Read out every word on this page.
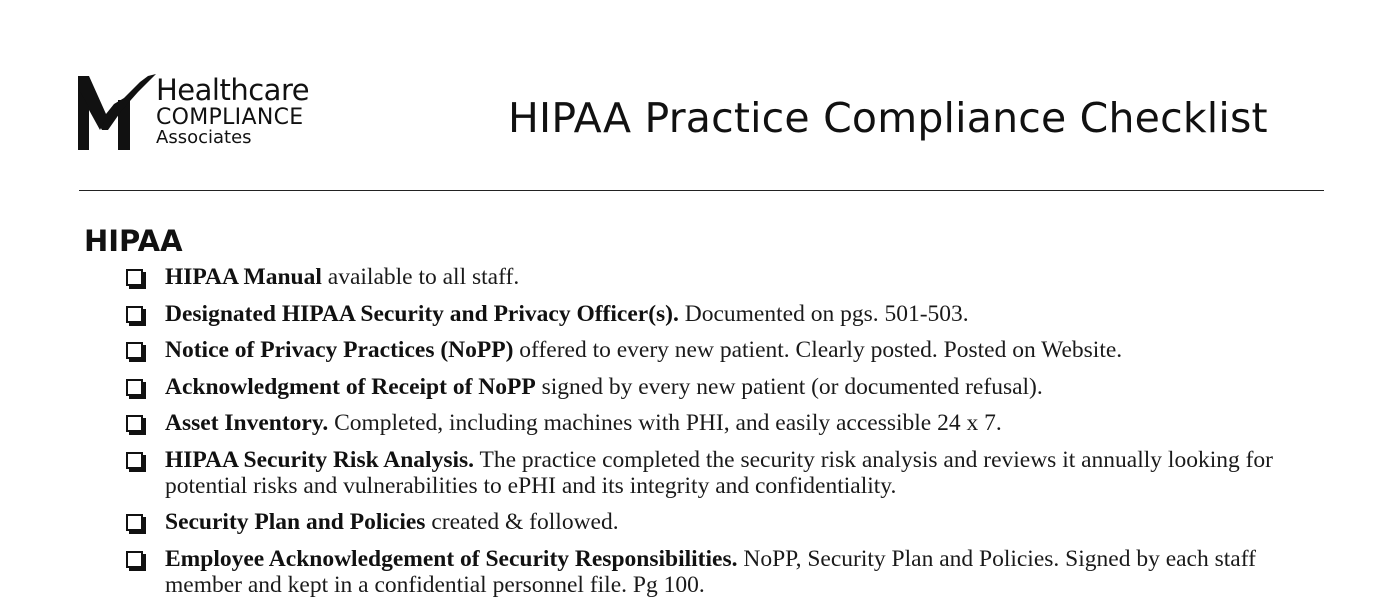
Healthcare
COMPLIANCE
Associates	HIPAA Practice Compliance Checklist
HIPAA
HIPAA Manual available to all staff.
Designated HIPAA Security and Privacy Officer(s). Documented on pgs. 501-503.
Notice of Privacy Practices (NoPP) offered to every new patient. Clearly posted. Posted on Website.
Acknowledgment of Receipt of NoPP signed by every new patient (or documented refusal).
Asset Inventory. Completed, including machines with PHI, and easily accessible 24 x 7.
HIPAA Security Risk Analysis. The practice completed the security risk analysis and reviews it annually looking for potential risks and vulnerabilities to ePHI and its integrity and confidentiality.
Security Plan and Policies created & followed.
Employee Acknowledgement of Security Responsibilities. NoPP, Security Plan and Policies. Signed by each staff member and kept in a confidential personnel file. Pg 100.
